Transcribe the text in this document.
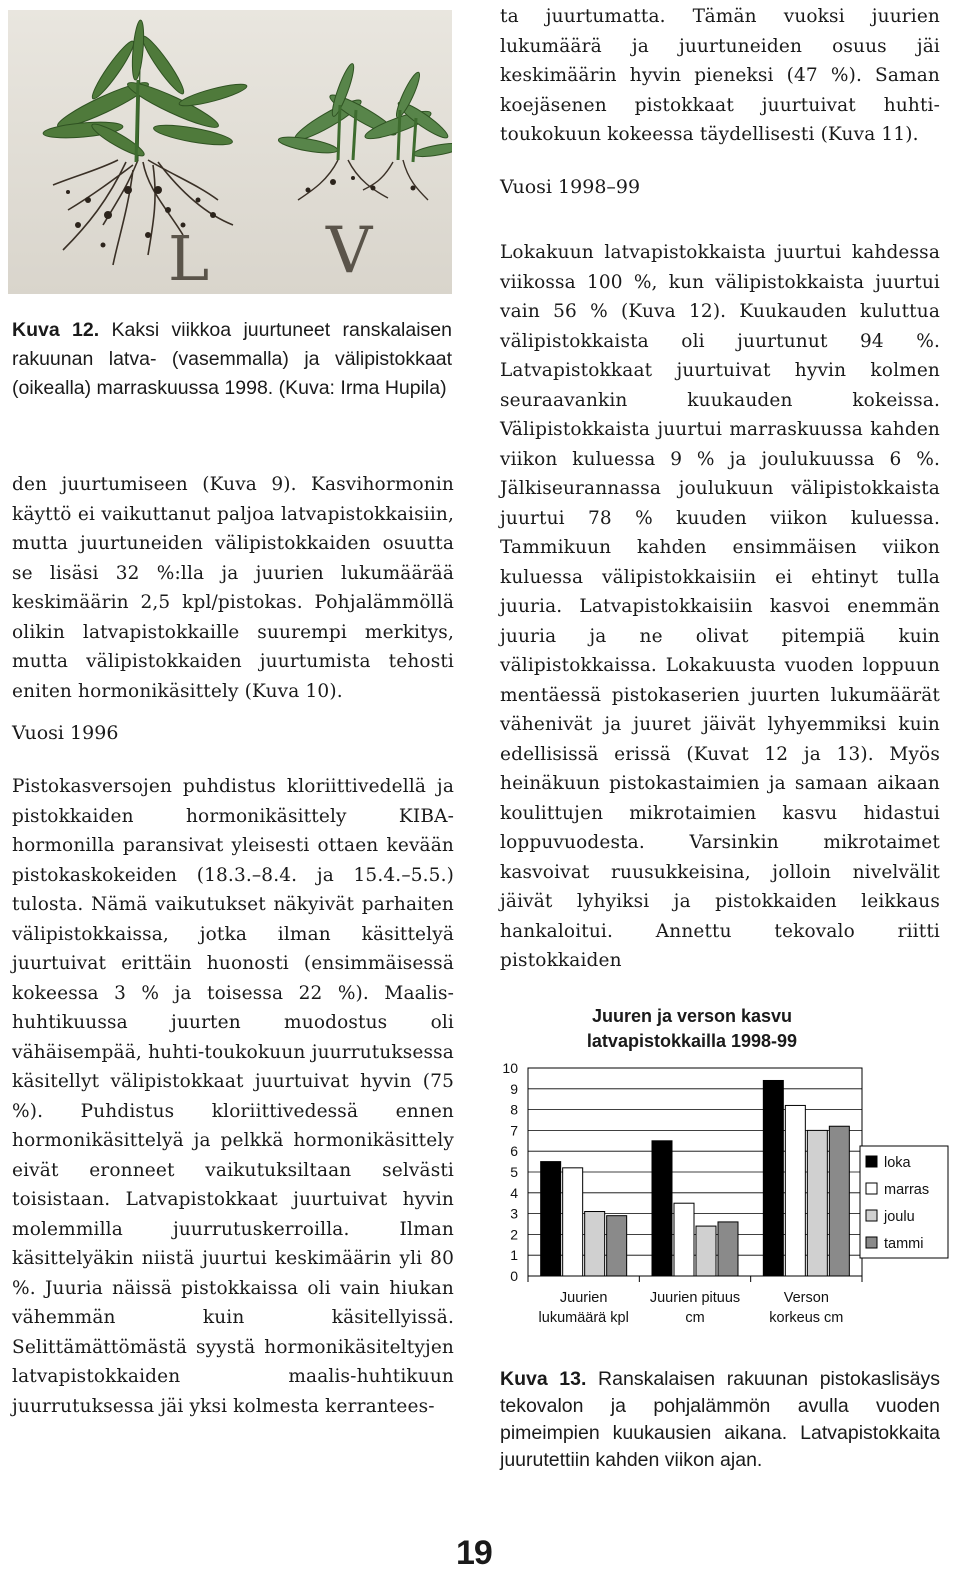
L V
Kuva 12. Kaksi viikkoa juurtuneet ranskalaisen rakuunan latva- (vasemmalla) ja välipistokkaat (oikealla) marraskuussa 1998. (Kuvа: Irma Hupila)

den juurtumiseen (Kuva 9). Kasvihormonin käyttö ei vaikuttanut paljoa latvapistokkaisiin, mutta juurtuneiden välipistokkaiden osuutta se lisäsi 32 %:lla ja juurien lukumäärää keskimäärin 2,5 kpl/pistokas. Pohjalämmöllä olikin latvapistokkaille suurempi merkitys, mutta välipistokkaiden juurtumista tehosti eniten hormonikäsittely (Kuva 10).

Vuosi 1996

Pistokasversojen puhdistus kloriittivedellä ja pistokkaiden hormonikäsittely KIBA-hormonilla paransivat yleisesti ottaen kevään pistokaskokeiden (18.3.–8.4. ja 15.4.–5.5.) tulosta. Nämä vaikutukset näkyivät parhaiten välipistokkaissa, jotka ilman käsittelyä juurtuivat erittäin huonosti (ensimmäisessä kokeessa 3 % ja toisessa 22 %). Maalis-huhtikuussa juurten muodostus oli vähäisempää, huhti-toukokuun juurrutuksessa käsitellyt välipistokkaat juurtuivat hyvin (75 %). Puhdistus kloriittivedessä ennen hormonikäsittelyä ja pelkkä hormonikäsittely eivät eronneet vaikutuksiltaan selvästi toisistaan. Latvapistokkaat juurtuivat hyvin molemmilla juurrutuskerroilla. Ilman käsittelyäkin niistä juurtui keskimäärin yli 80 %. Juuria näissä pistokkaissa oli vain hiukan vähemmän kuin käsitellyissä. Selittämättömästä syystä hormonikäsiteltyjen latvapistokkaiden maalis-huhtikuun juurrutuksessa jäi yksi kolmesta kerrantees-

ta juurtumatta. Tämän vuoksi juurien lukumäärä ja juurtuneiden osuus jäi keskimäärin hyvin pieneksi (47 %). Saman koejäsenen pistokkaat juurtuivat huhti-toukokuun kokeessa täydellisesti (Kuva 11).
Vuosi 1998–99
Lokakuun latvapistokkaista juurtui kahdessa viikossa 100 %, kun välipistokkaista juurtui vain 56 % (Kuva 12). Kuukauden kuluttua välipistokkaista oli juurtunut 94 %. Latvapistokkaat juurtuivat hyvin kolmen seuraavankin kuukauden kokeissa. Välipistokkaista juurtui marraskuussa kahden viikon kuluessa 9 % ja joulukuussa 6 %. Jälkiseurannassa joulukuun välipistokkaista juurtui 78 % kuuden viikon kuluessa. Tammikuun kahden ensimmäisen viikon kuluessa välipistokkaisiin ei ehtinyt tulla juuria. Latvapistokkaisiin kasvoi enemmän juuria ja ne olivat pitempiä kuin välipistokkaissa. Lokakuusta vuoden loppuun mentäessä pistokaserien juurten lukumäärät vähenivät ja juuret jäivät lyhyemmiksi kuin edellisissä erissä (Kuvat 12 ja 13). Myös heinäkuun pistokastaimien ja samaan aikaan koulittujen mikrotaimien kasvu hidastui loppuvuodesta. Varsinkin mikrotaimet kasvoivat ruusukkeisina, jolloin nivelvälit jäivät lyhyiksi ja pistokkaiden leikkaus hankaloitui. Annettu tekovalo riitti pistokkaiden
Juuren ja verson kasvu
latvapistokkailla 1998-99
0
1
2
3
4
5
6
7
8
9
10
Juurien
lukumäärä kpl
Juurien pituus
cm
Verson
korkeus cm
loka
marras
joulu
tammi
Kuva 13. Ranskalaisen rakuunan pistokaslisäys tekovalon ja pohjalämmön avulla vuoden pimeimpien kuukausien aikana. Latvapistokkaita juurutettiin kahden viikon ajan.
19
